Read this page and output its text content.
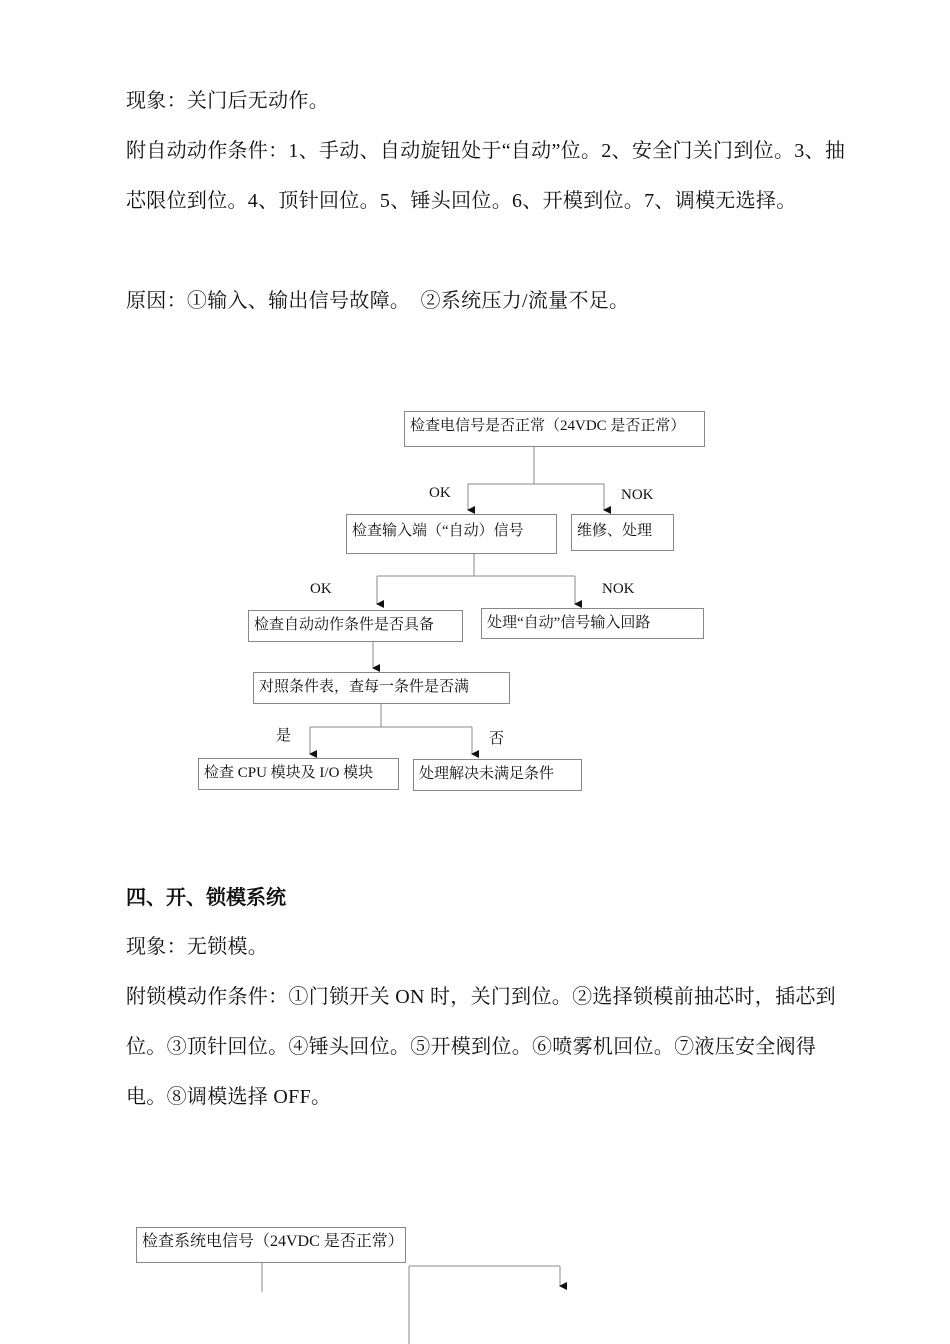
现象：关门后无动作。

附自动动作条件：1、手动、自动旋钮处于“自动”位。2、安全门关门到位。3、抽芯限位到位。4、顶针回位。5、锤头回位。6、开模到位。7、调模无选择。

原因：①输入、输出信号故障。　②系统压力/流量不足。

检查电信号是否正常（24VDC 是否正常）
OK	NOK
检查输入端（“自动）信号	维修、处理
OK	NOK
检查自动动作条件是否具备	处理“自动”信号输入回路
对照条件表，查每一条件是否满
是	否
检查 CPU 模块及 I/O 模块	处理解决未满足条件
四、开、锁模系统

现象：无锁模。

附锁模动作条件：①门锁开关 ON 时，关门到位。②选择锁模前抽芯时，插芯到位。③顶针回位。④锤头回位。⑤开模到位。⑥喷雾机回位。⑦液压安全阀得电。⑧调模选择 OFF。

检查系统电信号（24VDC 是否正常）
